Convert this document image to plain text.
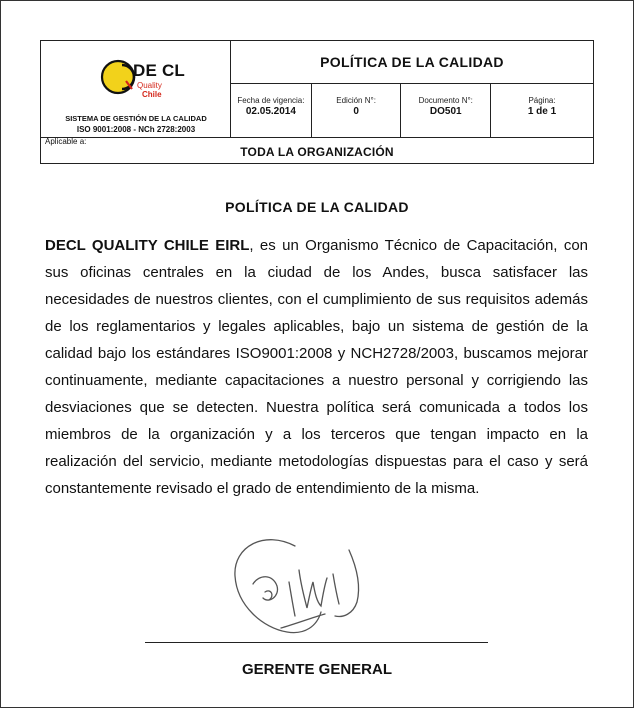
DE CL
Quality
Chile
SISTEMA DE GESTIÓN DE LA CALIDAD
ISO 9001:2008 - NCh 2728:2003
POLÍTICA DE LA CALIDAD
Fecha de vigencia:
02.05.2014
Edición N°:
0
Documento N°:
DO501
Página:
1 de 1
Aplicable a:
TODA LA ORGANIZACIÓN
POLÍTICA DE LA CALIDAD
DECL QUALITY CHILE EIRL, es un Organismo Técnico de Capacitación, con sus oficinas centrales en la ciudad de los Andes, busca satisfacer las necesidades de nuestros clientes, con el cumplimiento de sus requisitos además de los reglamentarios y legales aplicables, bajo un sistema de gestión de la calidad bajo los estándares ISO9001:2008 y NCH2728/2003, buscamos mejorar continuamente, mediante capacitaciones a nuestro personal y corrigiendo las desviaciones que se detecten. Nuestra política será comunicada a todos los miembros de la organización y a los terceros que tengan impacto en la realización del servicio, mediante metodologías dispuestas para el caso y será constantemente revisado el grado de entendimiento de la misma.
GERENTE GENERAL
